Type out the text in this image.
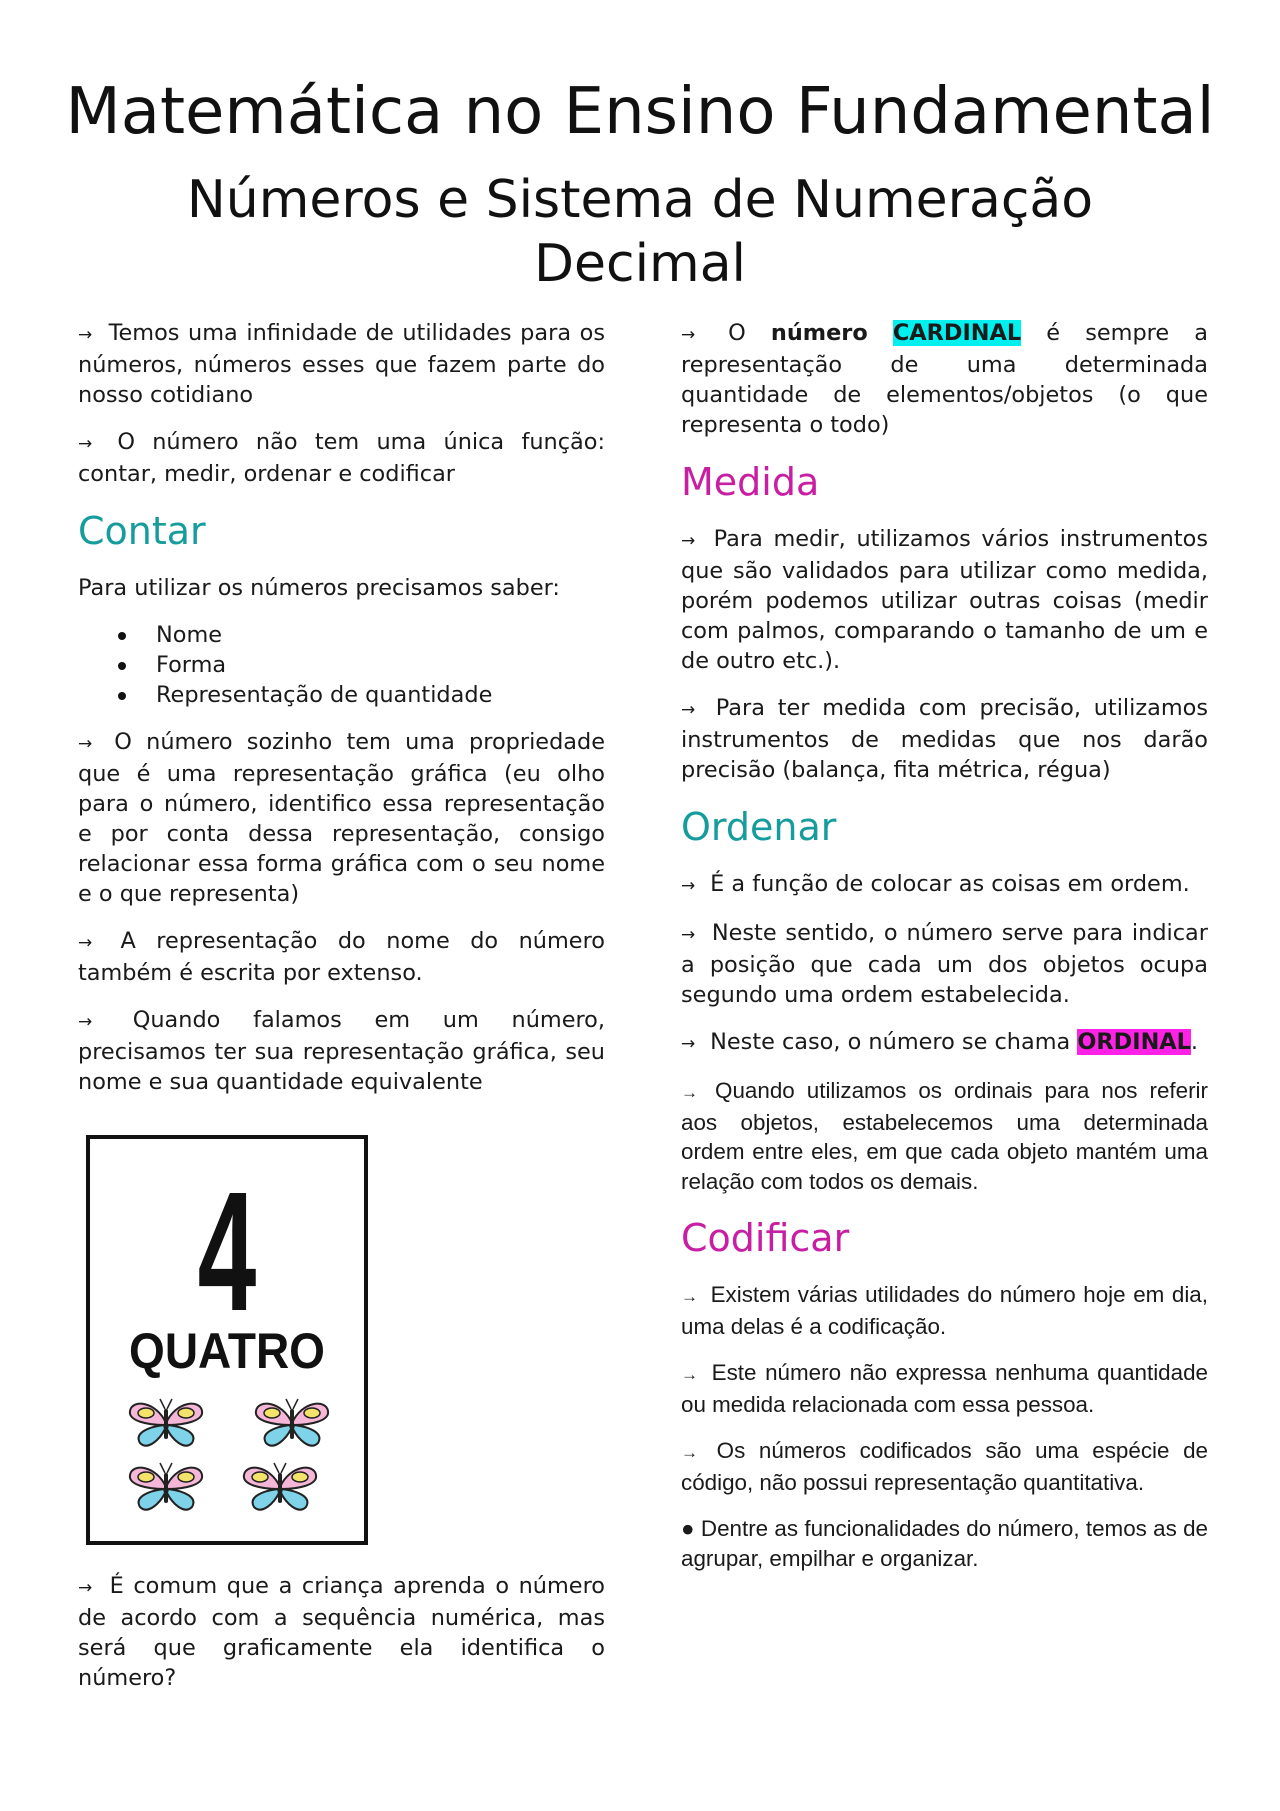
Matemática no Ensino Fundamental
Números e Sistema de Numeração Decimal

→ Temos uma infinidade de utilidades para os números, números esses que fazem parte do nosso cotidiano

→ O número não tem uma única função: contar, medir, ordenar e codificar

Contar

Para utilizar os números precisamos saber:

Nome
Forma
Representação de quantidade

→ O número sozinho tem uma propriedade que é uma representação gráfica (eu olho para o número, identifico essa representação e por conta dessa representação, consigo relacionar essa forma gráfica com o seu nome e o que representa)

→ A representação do nome do número também é escrita por extenso.

→ Quando falamos em um número, precisamos ter sua representação gráfica, seu nome e sua quantidade equivalente

4
QUATRO

→ É comum que a criança aprenda o número de acordo com a sequência numérica, mas será que graficamente ela identifica o número?

→ O número CARDINAL é sempre a representação de uma determinada quantidade de elementos/objetos (o que representa o todo)

Medida

→ Para medir, utilizamos vários instrumentos que são validados para utilizar como medida, porém podemos utilizar outras coisas (medir com palmos, comparando o tamanho de um e de outro etc.).

→ Para ter medida com precisão, utilizamos instrumentos de medidas que nos darão precisão (balança, fita métrica, régua)

Ordenar

→ É a função de colocar as coisas em ordem.

→ Neste sentido, o número serve para indicar a posição que cada um dos objetos ocupa segundo uma ordem estabelecida.

→ Neste caso, o número se chama ORDINAL.

→ Quando utilizamos os ordinais para nos referir aos objetos, estabelecemos uma determinada ordem entre eles, em que cada objeto mantém uma relação com todos os demais.

Codificar

→ Existem várias utilidades do número hoje em dia, uma delas é a codificação.

→ Este número não expressa nenhuma quantidade ou medida relacionada com essa pessoa.

→ Os números codificados são uma espécie de código, não possui representação quantitativa.

● Dentre as funcionalidades do número, temos as de agrupar, empilhar e organizar.
